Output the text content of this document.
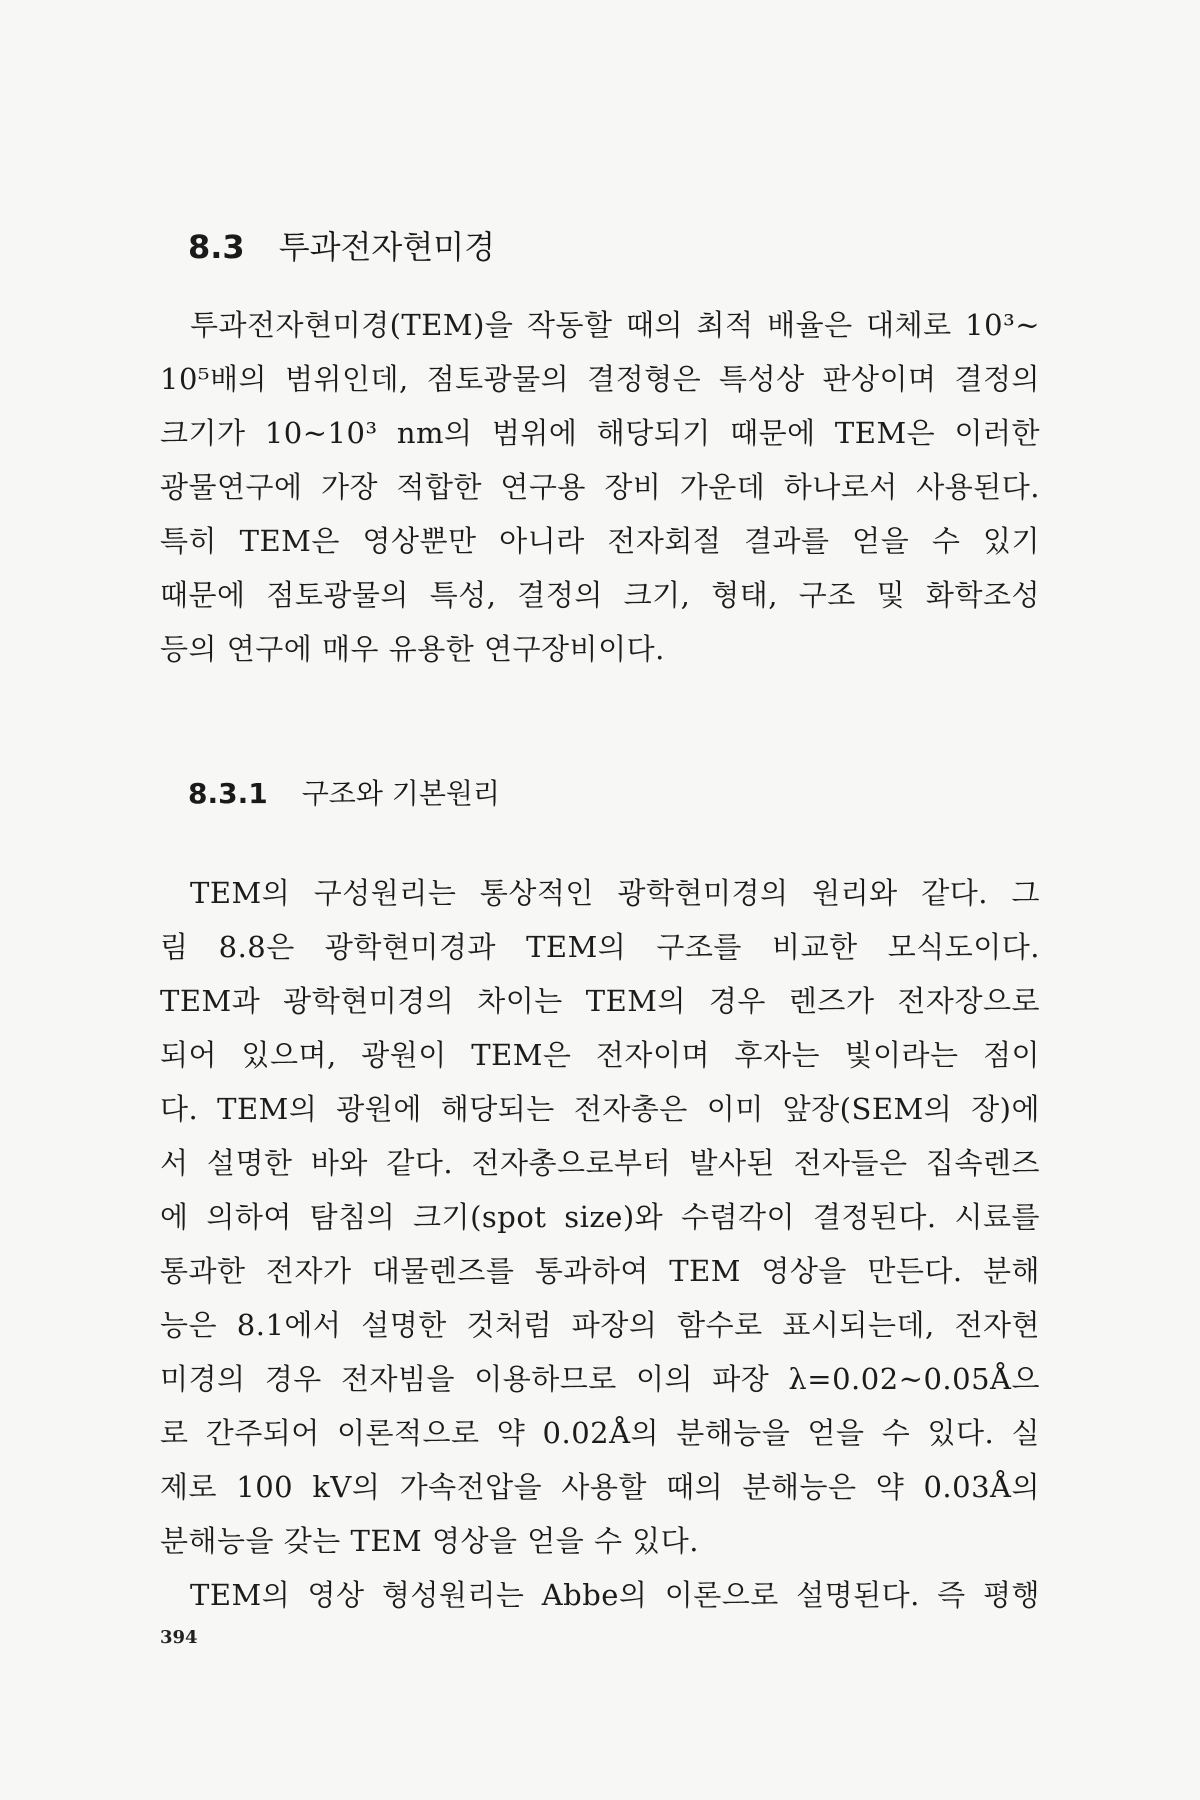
8.3 투과전자현미경
투과전자현미경(TEM)을 작동할 때의 최적 배율은 대체로 10³~
10⁵배의 범위인데, 점토광물의 결정형은 특성상 판상이며 결정의
크기가 10~10³ nm의 범위에 해당되기 때문에 TEM은 이러한
광물연구에 가장 적합한 연구용 장비 가운데 하나로서 사용된다.
특히 TEM은 영상뿐만 아니라 전자회절 결과를 얻을 수 있기
때문에 점토광물의 특성, 결정의 크기, 형태, 구조 및 화학조성
등의 연구에 매우 유용한 연구장비이다.
8.3.1 구조와 기본원리
TEM의 구성원리는 통상적인 광학현미경의 원리와 같다. 그
림 8.8은 광학현미경과 TEM의 구조를 비교한 모식도이다.
TEM과 광학현미경의 차이는 TEM의 경우 렌즈가 전자장으로
되어 있으며, 광원이 TEM은 전자이며 후자는 빛이라는 점이
다. TEM의 광원에 해당되는 전자총은 이미 앞장(SEM의 장)에
서 설명한 바와 같다. 전자총으로부터 발사된 전자들은 집속렌즈
에 의하여 탐침의 크기(spot size)와 수렴각이 결정된다. 시료를
통과한 전자가 대물렌즈를 통과하여 TEM 영상을 만든다. 분해
능은 8.1에서 설명한 것처럼 파장의 함수로 표시되는데, 전자현
미경의 경우 전자빔을 이용하므로 이의 파장 λ=0.02~0.05Å으
로 간주되어 이론적으로 약 0.02Å의 분해능을 얻을 수 있다. 실
제로 100 kV의 가속전압을 사용할 때의 분해능은 약 0.03Å의
분해능을 갖는 TEM 영상을 얻을 수 있다.
TEM의 영상 형성원리는 Abbe의 이론으로 설명된다. 즉 평행
394
